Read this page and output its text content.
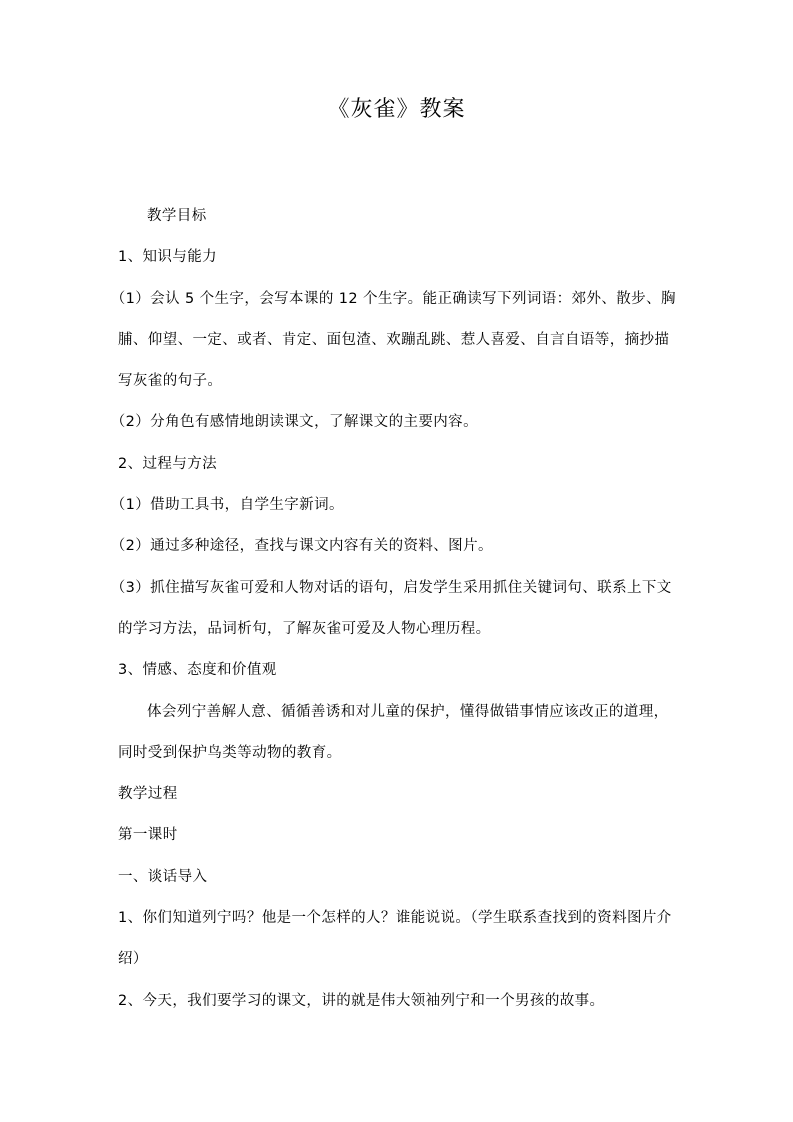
《灰雀》教案

教学目标

1、知识与能力

（1）会认 5 个生字，会写本课的 12 个生字。能正确读写下列词语：郊外、散步、胸脯、仰望、一定、或者、肯定、面包渣、欢蹦乱跳、惹人喜爱、自言自语等，摘抄描写灰雀的句子。

（2）分角色有感情地朗读课文，了解课文的主要内容。

2、过程与方法

（1）借助工具书，自学生字新词。

（2）通过多种途径，查找与课文内容有关的资料、图片。

（3）抓住描写灰雀可爱和人物对话的语句，启发学生采用抓住关键词句、联系上下文的学习方法，品词析句，了解灰雀可爱及人物心理历程。

3、情感、态度和价值观

体会列宁善解人意、循循善诱和对儿童的保护，懂得做错事情应该改正的道理，同时受到保护鸟类等动物的教育。

教学过程

第一课时

一、谈话导入

1、你们知道列宁吗？他是一个怎样的人？谁能说说。（学生联系查找到的资料图片介绍）

2、今天，我们要学习的课文，讲的就是伟大领袖列宁和一个男孩的故事。
